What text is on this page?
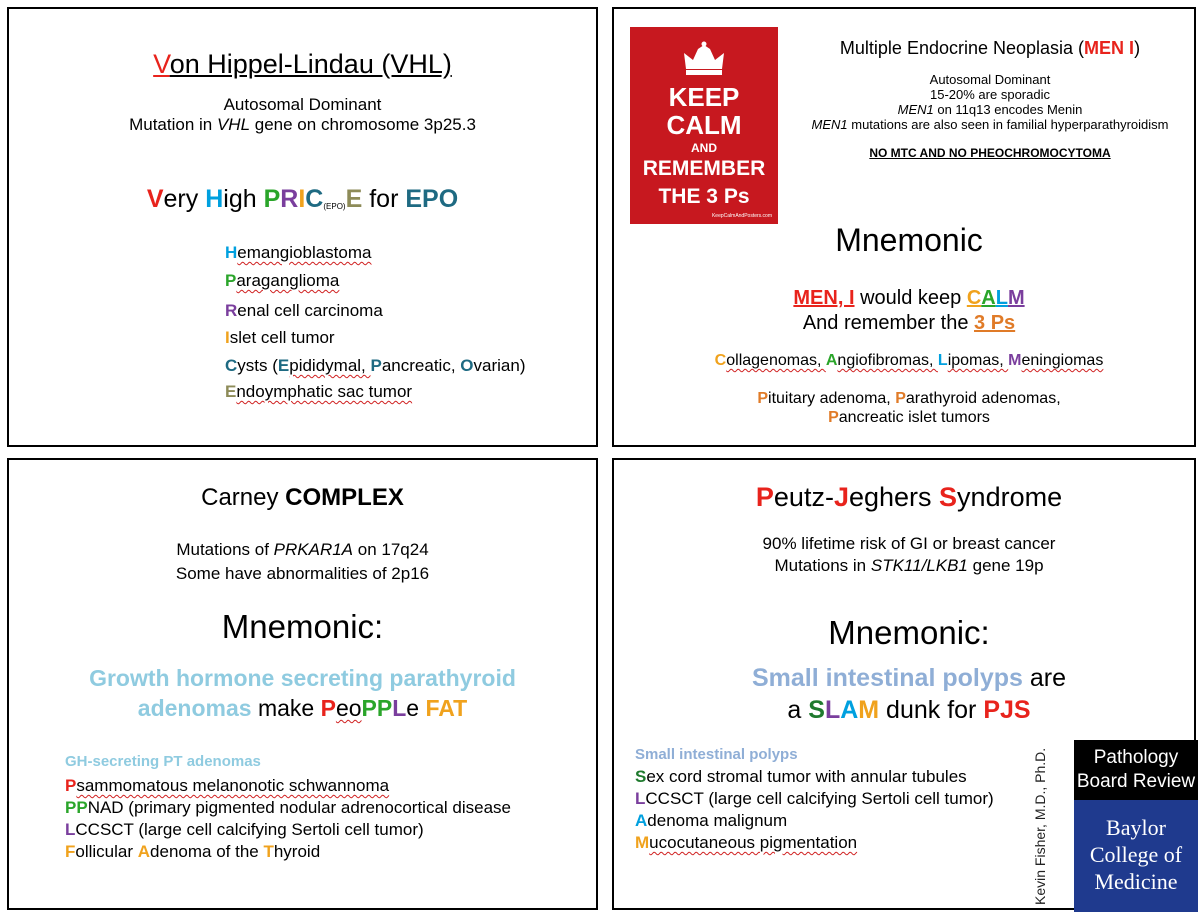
Von Hippel-Lindau (VHL)
Autosomal Dominant
Mutation in VHL gene on chromosome 3p25.3
Very High $PRIC_{(EPO)}E$ for EPO
Hemangioblastoma
Paraganglioma
Renal cell carcinoma
Islet cell tumor
Cysts (Epididymal, Pancreatic, Ovarian)
Endoymphatic sac tumor
KEEP
CALM
AND
REMEMBER
THE 3 Ps
KeepCalmAndPosters.com
Multiple Endocrine Neoplasia (MEN I)
Autosomal Dominant
15-20% are sporadic
MEN1 on 11q13 encodes Menin
MEN1 mutations are also seen in familial hyperparathyroidism
NO MTC AND NO PHEOCHROMOCYTOMA
Mnemonic
MEN, I would keep CALM
And remember the 3 Ps
Collagenomas, Angiofibromas, Lipomas, Meningiomas
Pituitary adenoma, Parathyroid adenomas,
Pancreatic islet tumors
Carney COMPLEX
Mutations of PRKAR1A on 17q24
Some have abnormalities of 2p16
Mnemonic:
Growth hormone secreting parathyroid
adenomas make PeoPPLe FAT
GH-secreting PT adenomas
Psammomatous melanonotic schwannoma
PPNAD (primary pigmented nodular adrenocortical disease
LCCSCT (large cell calcifying Sertoli cell tumor)
Follicular Adenoma of the Thyroid
Peutz-Jeghers Syndrome
90% lifetime risk of GI or breast cancer
Mutations in STK11/LKB1 gene 19p
Mnemonic:
Small intestinal polyps are
a SLAM dunk for PJS
Small intestinal polyps
Sex cord stromal tumor with annular tubules
LCCSCT (large cell calcifying Sertoli cell tumor)
Adenoma malignum
Mucocutaneous pigmentation	Kevin Fisher, M.D., Ph.D.	Pathology Board Review
Baylor
College of
Medicine
